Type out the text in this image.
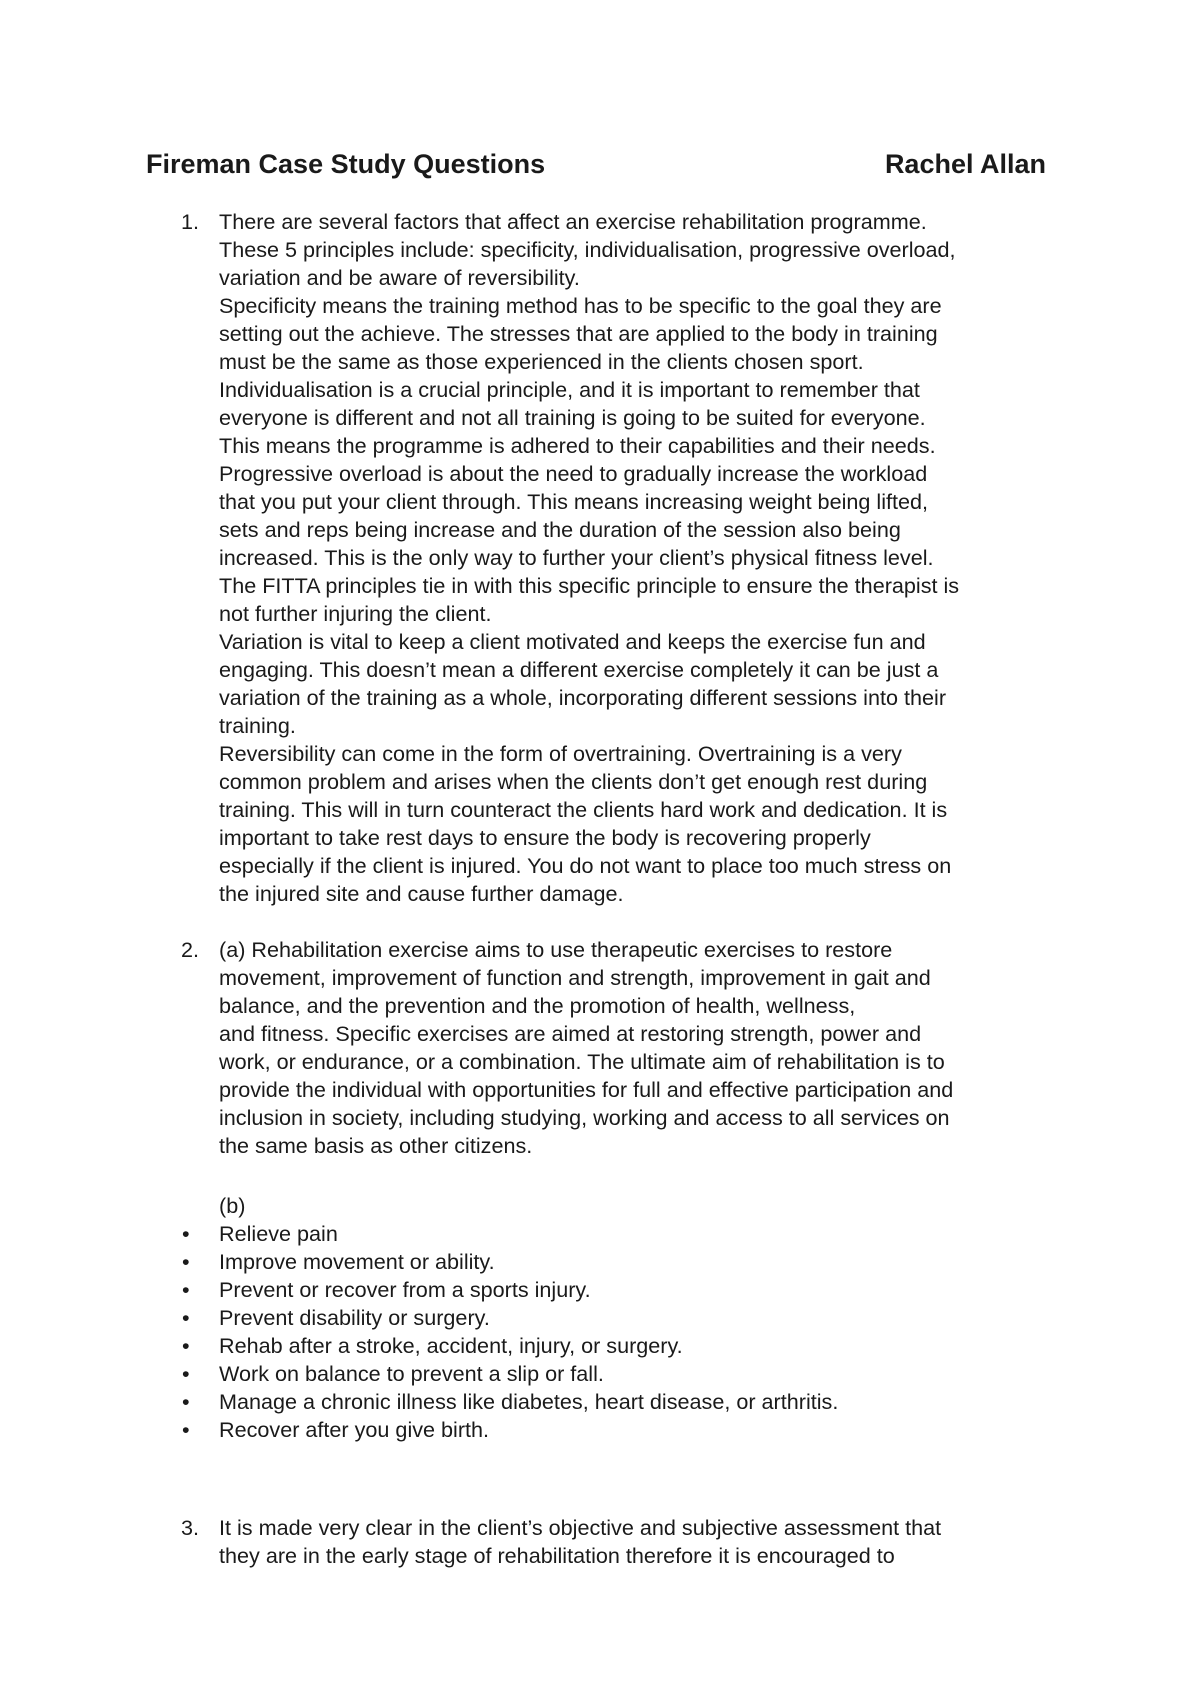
Fireman Case Study Questions	Rachel Allan
1. There are several factors that affect an exercise rehabilitation programme.
These 5 principles include: specificity, individualisation, progressive overload,
variation and be aware of reversibility.
Specificity means the training method has to be specific to the goal they are
setting out the achieve. The stresses that are applied to the body in training
must be the same as those experienced in the clients chosen sport.
Individualisation is a crucial principle, and it is important to remember that
everyone is different and not all training is going to be suited for everyone.
This means the programme is adhered to their capabilities and their needs.
Progressive overload is about the need to gradually increase the workload
that you put your client through. This means increasing weight being lifted,
sets and reps being increase and the duration of the session also being
increased. This is the only way to further your client’s physical fitness level.
The FITTA principles tie in with this specific principle to ensure the therapist is
not further injuring the client.
Variation is vital to keep a client motivated and keeps the exercise fun and
engaging. This doesn’t mean a different exercise completely it can be just a
variation of the training as a whole, incorporating different sessions into their
training.
Reversibility can come in the form of overtraining. Overtraining is a very
common problem and arises when the clients don’t get enough rest during
training. This will in turn counteract the clients hard work and dedication. It is
important to take rest days to ensure the body is recovering properly
especially if the client is injured. You do not want to place too much stress on
the injured site and cause further damage.
2. (a) Rehabilitation exercise aims to use therapeutic exercises to restore
movement, improvement of function and strength, improvement in gait and
balance, and the prevention and the promotion of health, wellness,
and fitness. Specific exercises are aimed at restoring strength, power and
work, or endurance, or a combination. The ultimate aim of rehabilitation is to
provide the individual with opportunities for full and effective participation and
inclusion in society, including studying, working and access to all services on
the same basis as other citizens.
(b)
• Relieve pain
• Improve movement or ability.
• Prevent or recover from a sports injury.
• Prevent disability or surgery.
• Rehab after a stroke, accident, injury, or surgery.
• Work on balance to prevent a slip or fall.
• Manage a chronic illness like diabetes, heart disease, or arthritis.
• Recover after you give birth.
3. It is made very clear in the client’s objective and subjective assessment that
they are in the early stage of rehabilitation therefore it is encouraged to
